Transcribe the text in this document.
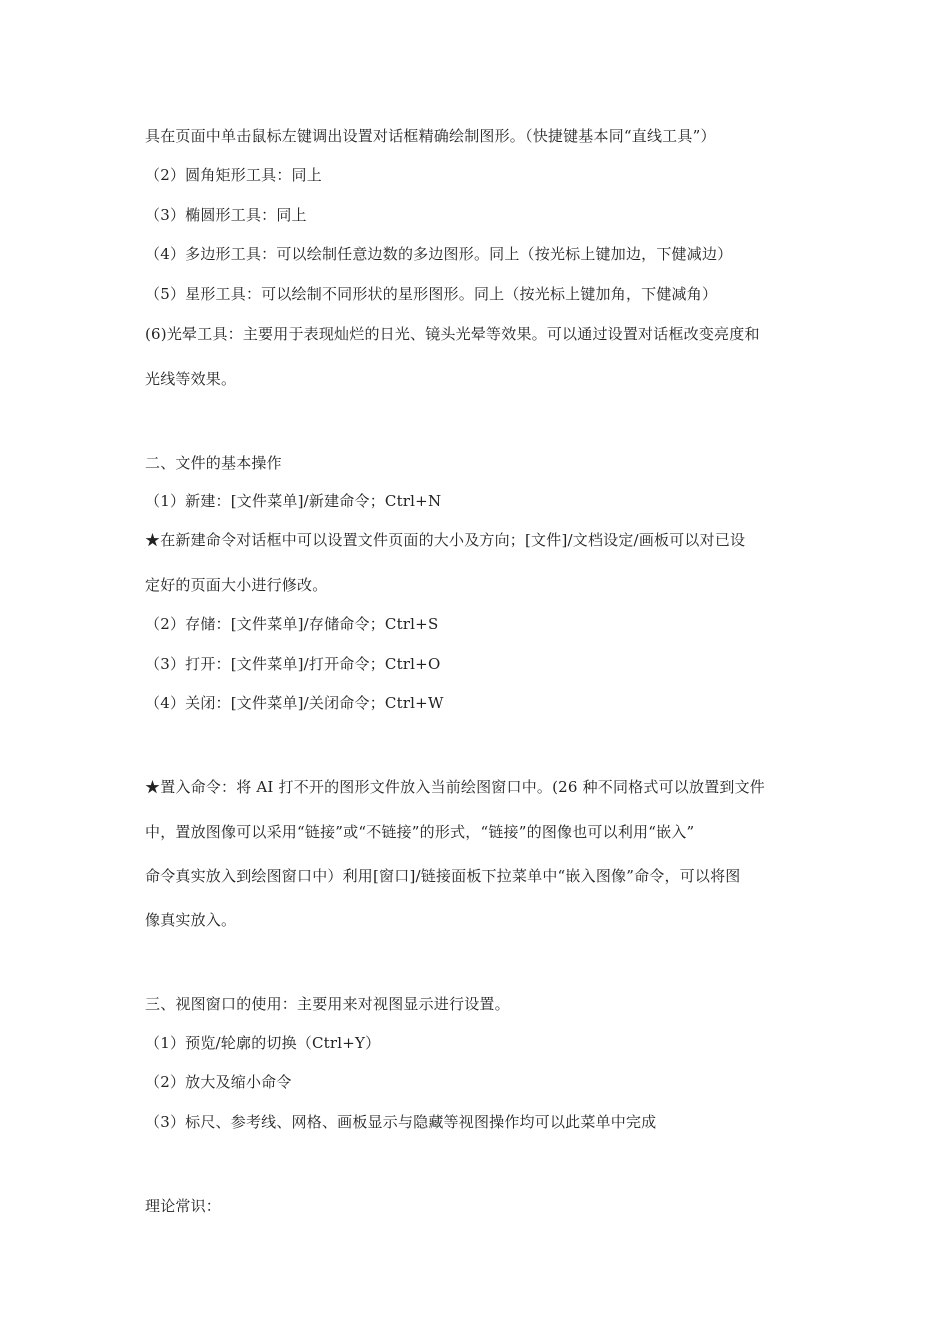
具在页面中单击鼠标左键调出设置对话框精确绘制图形。（快捷键基本同“直线工具”）
（2）圆角矩形工具：同上
（3）椭圆形工具：同上
（4）多边形工具：可以绘制任意边数的多边图形。同上（按光标上键加边，下健减边）
（5）星形工具：可以绘制不同形状的星形图形。同上（按光标上键加角，下健减角）
(6)光晕工具：主要用于表现灿烂的日光、镜头光晕等效果。可以通过设置对话框改变亮度和
光线等效果。
二、文件的基本操作
（1）新建：[文件菜单]/新建命令；Ctrl+N
★在新建命令对话框中可以设置文件页面的大小及方向；[文件]/文档设定/画板可以对已设
定好的页面大小进行修改。
（2）存储：[文件菜单]/存储命令；Ctrl+S
（3）打开：[文件菜单]/打开命令；Ctrl+O
（4）关闭：[文件菜单]/关闭命令；Ctrl+W
★置入命令：将 AI 打不开的图形文件放入当前绘图窗口中。(26 种不同格式可以放置到文件
中，置放图像可以采用“链接”或“不链接”的形式，“链接”的图像也可以利用“嵌入”
命令真实放入到绘图窗口中）利用[窗口]/链接面板下拉菜单中“嵌入图像”命令，可以将图
像真实放入。
三、视图窗口的使用：主要用来对视图显示进行设置。
（1）预览/轮廓的切换（Ctrl+Y）
（2）放大及缩小命令
（3）标尺、参考线、网格、画板显示与隐藏等视图操作均可以此菜单中完成
理论常识：
